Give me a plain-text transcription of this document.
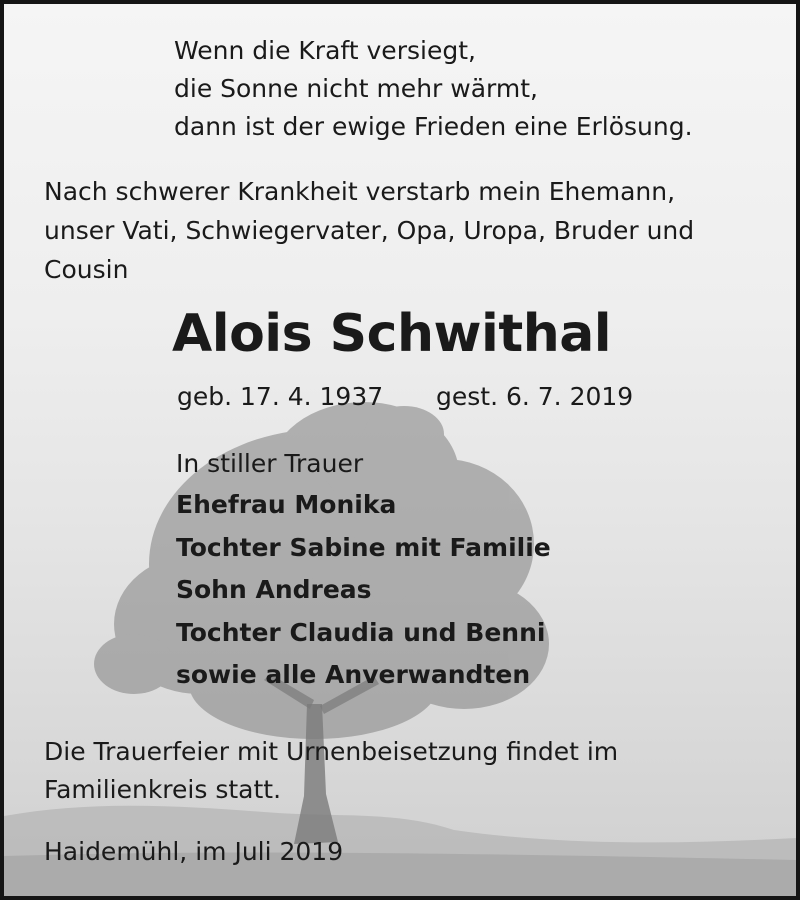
Wenn die Kraft versiegt,
die Sonne nicht mehr wärmt,
dann ist der ewige Frieden eine Erlösung.
Nach schwerer Krankheit verstarb mein Ehemann,
unser Vati, Schwiegervater, Opa, Uropa, Bruder und
Cousin
Alois Schwithal
geb. 17. 4. 1937 gest. 6. 7. 2019
In stiller Trauer
Ehefrau Monika
Tochter Sabine mit Familie
Sohn Andreas
Tochter Claudia und Benni
sowie alle Anverwandten
Die Trauerfeier mit Urnenbeisetzung findet im
Familienkreis statt.
Haidemühl, im Juli 2019
